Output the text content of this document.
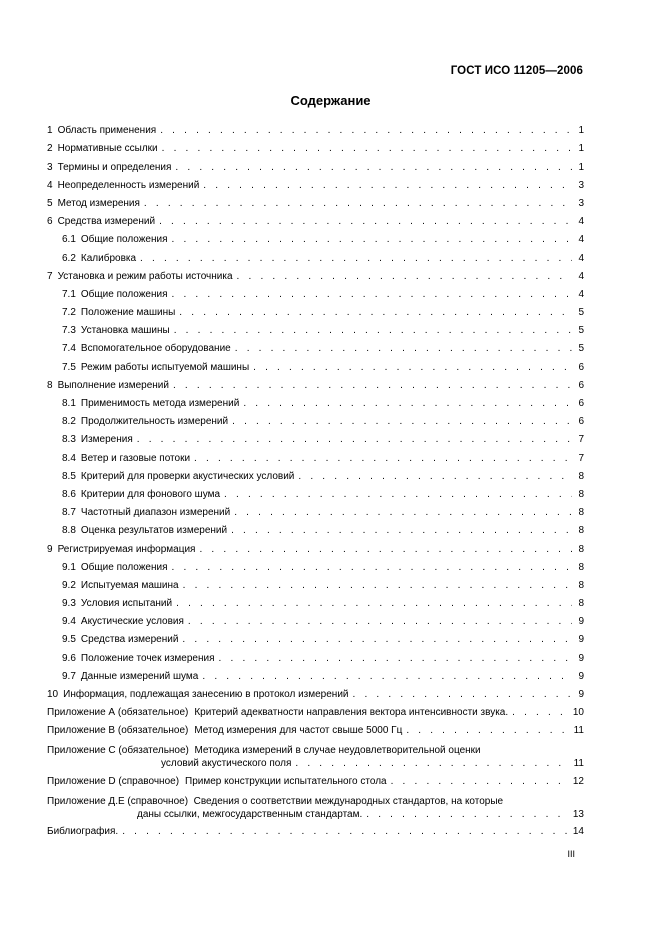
ГОСТ ИСО 11205—2006
Содержание
1 Область применения . . .	1
2 Нормативные ссылки . . .	1
3 Термины и определения . . .	1
4 Неопределенность измерений . . .	3
5 Метод измерения . . .	3
6 Средства измерений . . .	4
6.1 Общие положения . . .	4
6.2 Калибровка . . .	4
7 Установка и режим работы источника . . .	4
7.1 Общие положения . . .	4
7.2 Положение машины . . .	5
7.3 Установка машины . . .	5
7.4 Вспомогательное оборудование . . .	5
7.5 Режим работы испытуемой машины . . .	6
8 Выполнение измерений . . .	6
8.1 Применимость метода измерений . . .	6
8.2 Продолжительность измерений . . .	6
8.3 Измерения . . .	7
8.4 Ветер и газовые потоки . . .	7
8.5 Критерий для проверки акустических условий . . .	8
8.6 Критерии для фонового шума . . .	8
8.7 Частотный диапазон измерений . . .	8
8.8 Оценка результатов измерений . . .	8
9 Регистрируемая информация . . .	8
9.1 Общие положения . . .	8
9.2 Испытуемая машина . . .	8
9.3 Условия испытаний . . .	8
9.4 Акустические условия . . .	9
9.5 Средства измерений . . .	9
9.6 Положение точек измерения . . .	9
9.7 Данные измерений шума . . .	9
10 Информация, подлежащая занесению в протокол измерений . . .	9
Приложение А (обязательное) Критерий адекватности направления вектора интенсивности звука. . . .	10
Приложение В (обязательное) Метод измерения для частот свыше 5000 Гц . . .	11
Приложение С (обязательное) Методика измерений в случае неудовлетворительной оценки
условий акустического поля . . .	11
Приложение D (справочное) Пример конструкции испытательного стола . . .	12
Приложение Д.Е (справочное) Сведения о соответствии международных стандартов, на которые
даны ссылки, межгосударственным стандартам. . . .	13
Библиография. . . .	14
III
